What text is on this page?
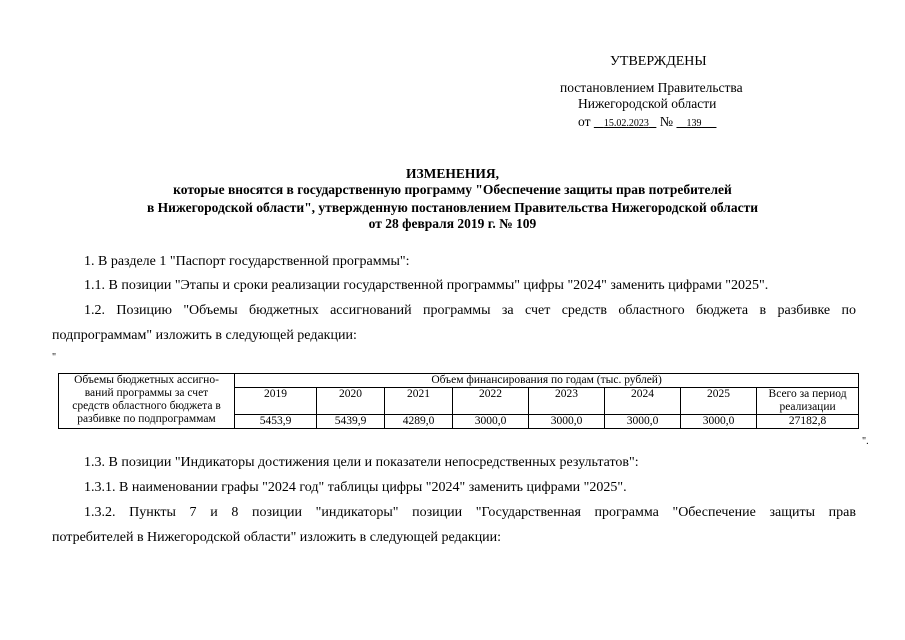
УТВЕРЖДЕНЫ
постановлением Правительства
Нижегородской области
от 15.02.2023 № 139
ИЗМЕНЕНИЯ,
которые вносятся в государственную программу "Обеспечение защиты прав потребителей
в Нижегородской области", утвержденную постановлением Правительства Нижегородской области
от 28 февраля 2019 г. № 109
1. В разделе 1 "Паспорт государственной программы":
1.1. В позиции "Этапы и сроки реализации государственной программы" цифры "2024" заменить цифрами "2025".
1.2. Позицию "Объемы бюджетных ассигнований программы за счет средств областного бюджета в разбивке по
подпрограммам" изложить в следующей редакции:
"
Объемы бюджетных ассигно-
ваний программы за счет
средств областного бюджета в
разбивке по подпрограммам	Объем финансирования по годам (тыс. рублей)							
	2019	2020	2021	2022	2023	2024	2025	Всего за период
реализации

	5453,9	5439,9	4289,0	3000,0	3000,0	3000,0	3000,0	27182,8
".
1.3. В позиции "Индикаторы достижения цели и показатели непосредственных результатов":
1.3.1. В наименовании графы "2024 год" таблицы цифры "2024" заменить цифрами "2025".
1.3.2. Пункты 7 и 8 позиции "индикаторы" позиции "Государственная программа "Обеспечение защиты прав
потребителей в Нижегородской области" изложить в следующей редакции:
